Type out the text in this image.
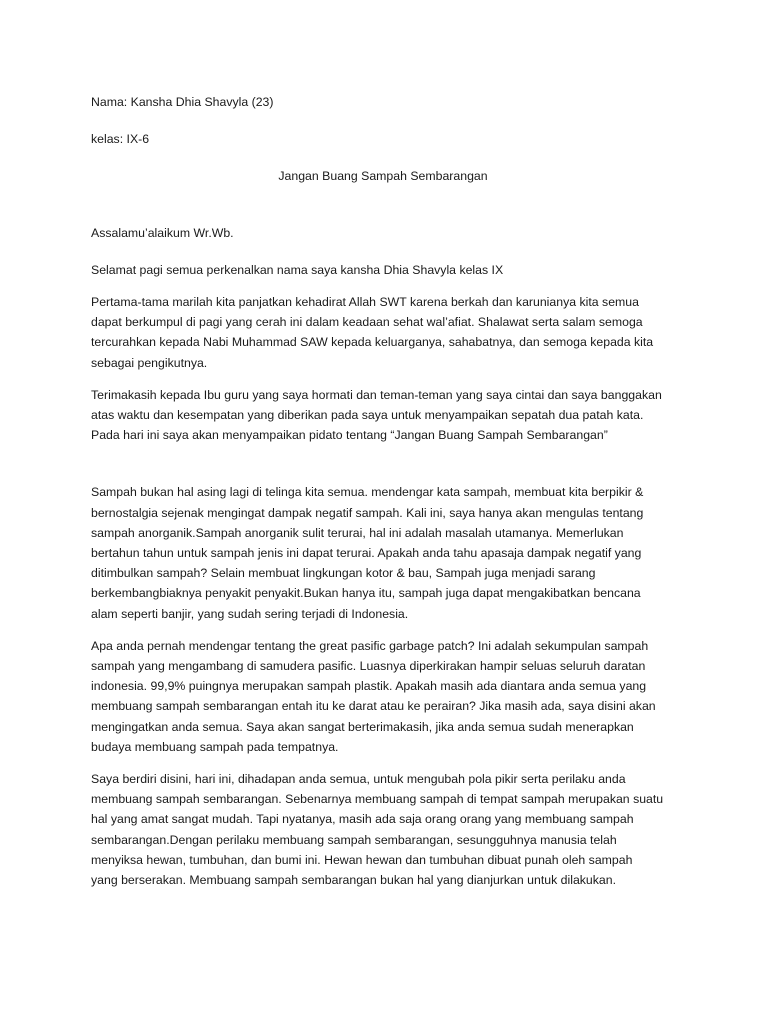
Nama: Kansha Dhia Shavyla (23)

kelas: IX-6

Jangan Buang Sampah Sembarangan

Assalamu’alaikum Wr.Wb.

Selamat pagi semua perkenalkan nama saya kansha Dhia Shavyla kelas IX

Pertama-tama marilah kita panjatkan kehadirat Allah SWT karena berkah dan karunianya kita semua
dapat berkumpul di pagi yang cerah ini dalam keadaan sehat wal’afiat. Shalawat serta salam semoga
tercurahkan kepada Nabi Muhammad SAW kepada keluarganya, sahabatnya, dan semoga kepada kita
sebagai pengikutnya.
Terimakasih kepada Ibu guru yang saya hormati dan teman-teman yang saya cintai dan saya banggakan
atas waktu dan kesempatan yang diberikan pada saya untuk menyampaikan sepatah dua patah kata.
Pada hari ini saya akan menyampaikan pidato tentang “Jangan Buang Sampah Sembarangan”
Sampah bukan hal asing lagi di telinga kita semua. mendengar kata sampah, membuat kita berpikir &
bernostalgia sejenak mengingat dampak negatif sampah. Kali ini, saya hanya akan mengulas tentang
sampah anorganik.Sampah anorganik sulit terurai, hal ini adalah masalah utamanya. Memerlukan
bertahun tahun untuk sampah jenis ini dapat terurai. Apakah anda tahu apasaja dampak negatif yang
ditimbulkan sampah? Selain membuat lingkungan kotor & bau, Sampah juga menjadi sarang
berkembangbiaknya penyakit penyakit.Bukan hanya itu, sampah juga dapat mengakibatkan bencana
alam seperti banjir, yang sudah sering terjadi di Indonesia.
Apa anda pernah mendengar tentang the great pasific garbage patch? Ini adalah sekumpulan sampah
sampah yang mengambang di samudera pasific. Luasnya diperkirakan hampir seluas seluruh daratan
indonesia. 99,9% puingnya merupakan sampah plastik. Apakah masih ada diantara anda semua yang
membuang sampah sembarangan entah itu ke darat atau ke perairan? Jika masih ada, saya disini akan
mengingatkan anda semua. Saya akan sangat berterimakasih, jika anda semua sudah menerapkan
budaya membuang sampah pada tempatnya.
Saya berdiri disini, hari ini, dihadapan anda semua, untuk mengubah pola pikir serta perilaku anda
membuang sampah sembarangan. Sebenarnya membuang sampah di tempat sampah merupakan suatu
hal yang amat sangat mudah. Tapi nyatanya, masih ada saja orang orang yang membuang sampah
sembarangan.Dengan perilaku membuang sampah sembarangan, sesungguhnya manusia telah
menyiksa hewan, tumbuhan, dan bumi ini. Hewan hewan dan tumbuhan dibuat punah oleh sampah
yang berserakan. Membuang sampah sembarangan bukan hal yang dianjurkan untuk dilakukan.
